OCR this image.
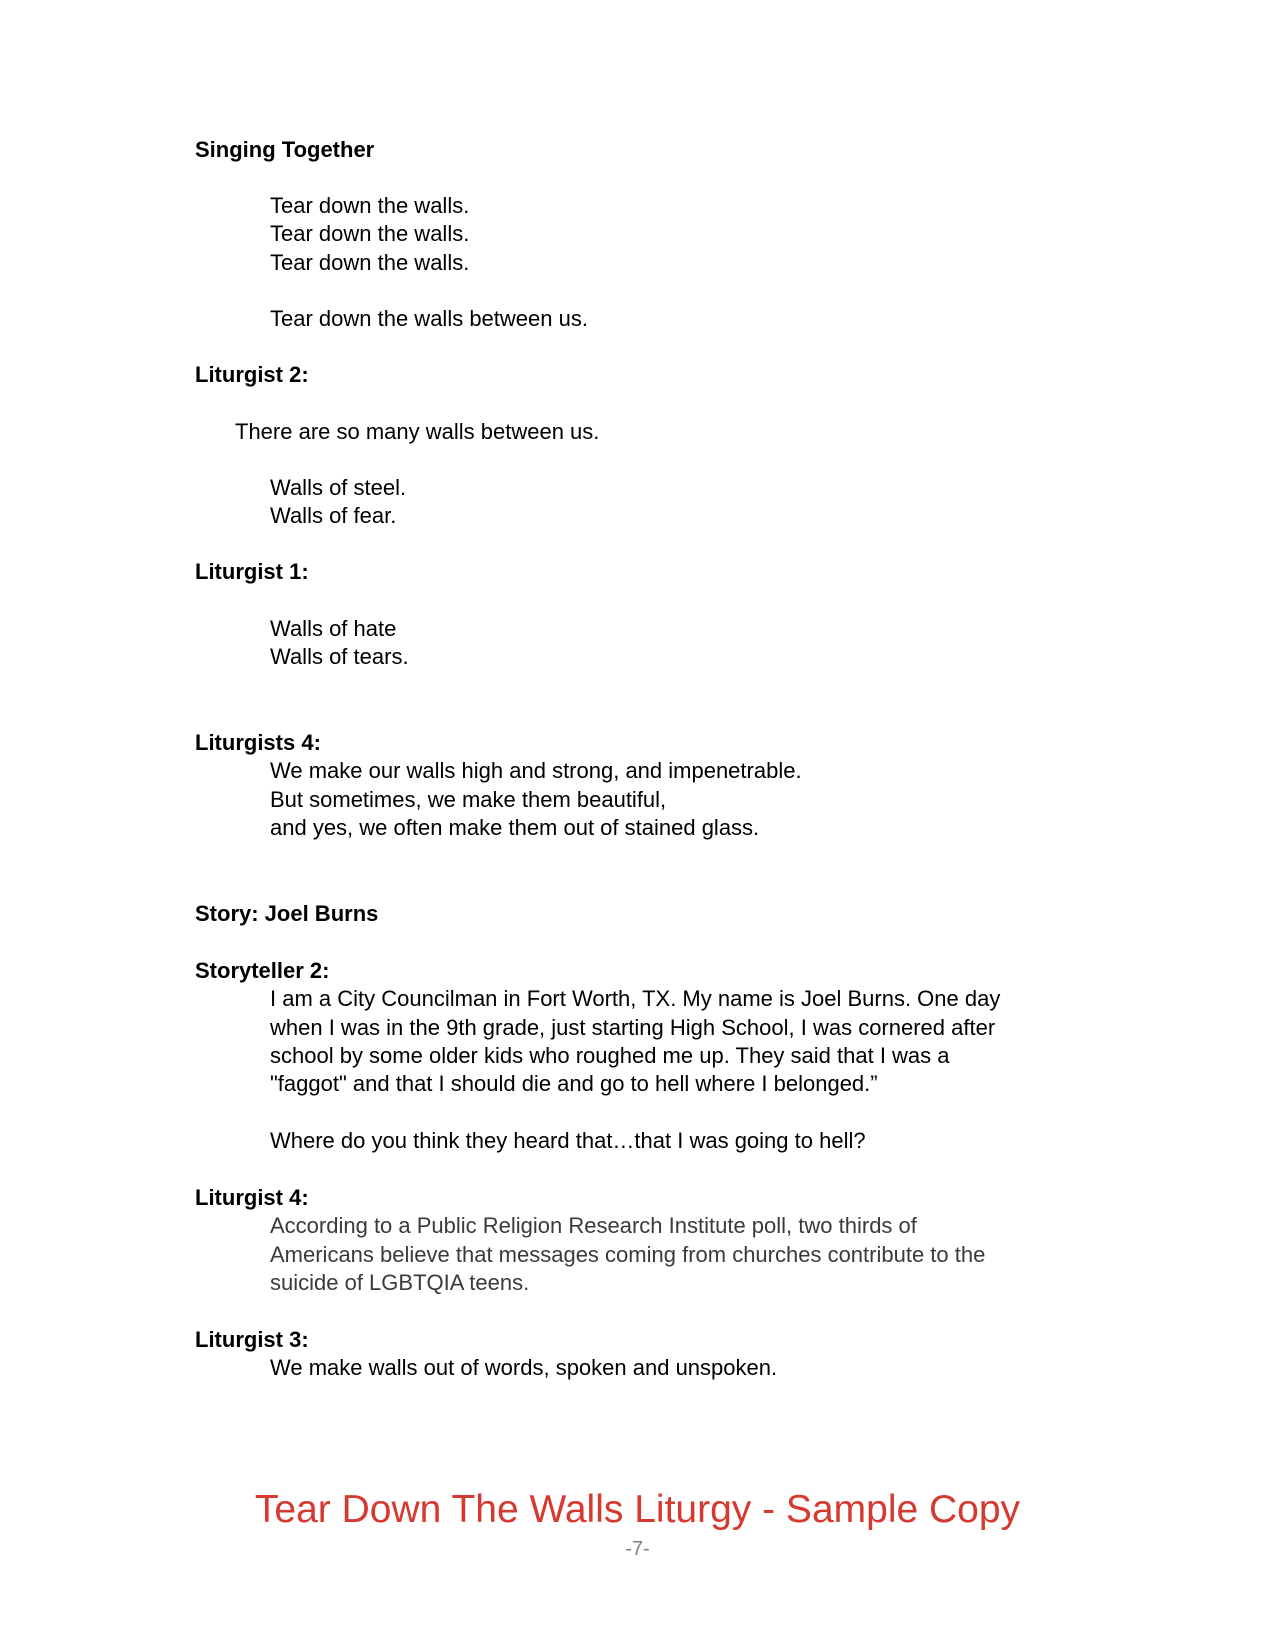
Singing Together
Tear down the walls.
Tear down the walls.
Tear down the walls.
Tear down the walls between us.
Liturgist 2:
There are so many walls between us.
Walls of steel.
Walls of fear.
Liturgist 1:
Walls of hate
Walls of tears.
Liturgists 4:
We make our walls high and strong, and impenetrable.
But sometimes, we make them beautiful,
and yes, we often make them out of stained glass.
Story: Joel Burns
Storyteller 2:
I am a City Councilman in Fort Worth, TX. My name is Joel Burns. One day
when I was in the 9th grade, just starting High School, I was cornered after
school by some older kids who roughed me up. They said that I was a
"faggot" and that I should die and go to hell where I belonged.”
Where do you think they heard that…that I was going to hell?
Liturgist 4:
According to a Public Religion Research Institute poll, two thirds of
Americans believe that messages coming from churches contribute to the
suicide of LGBTQIA teens.
Liturgist 3:
We make walls out of words, spoken and unspoken.
Tear Down The Walls Liturgy - Sample Copy
-7-
